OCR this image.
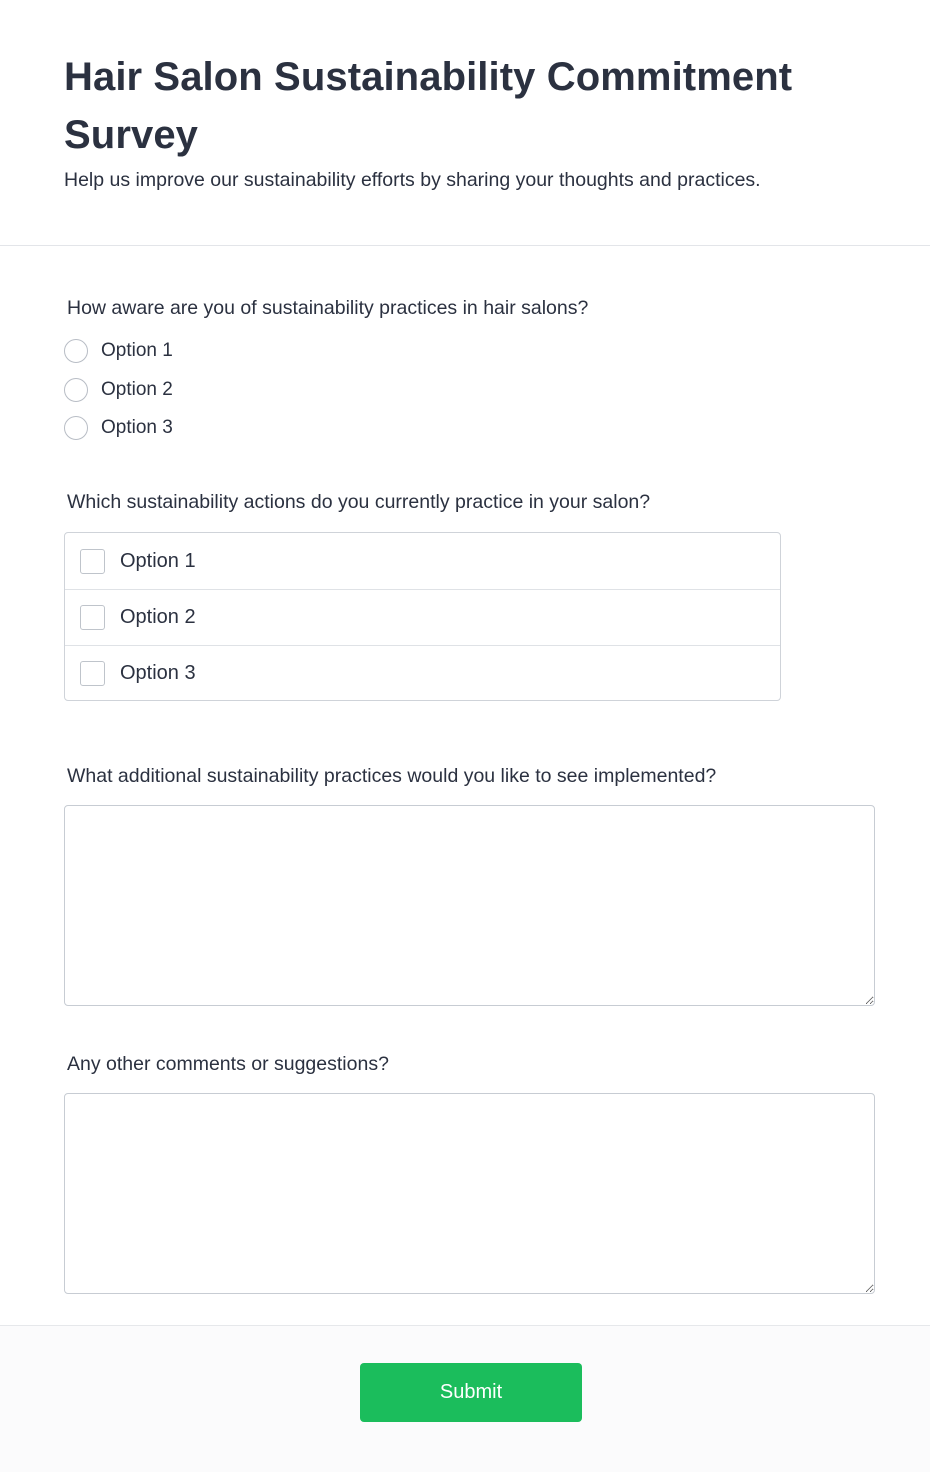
Hair Salon Sustainability Commitment Survey

Help us improve our sustainability efforts by sharing your thoughts and practices.

How aware are you of sustainability practices in hair salons?

Option 1
Option 2
Option 3

Which sustainability actions do you currently practice in your salon?

Option 1
Option 2
Option 3

What additional sustainability practices would you like to see implemented?

Any other comments or suggestions?

Submit
